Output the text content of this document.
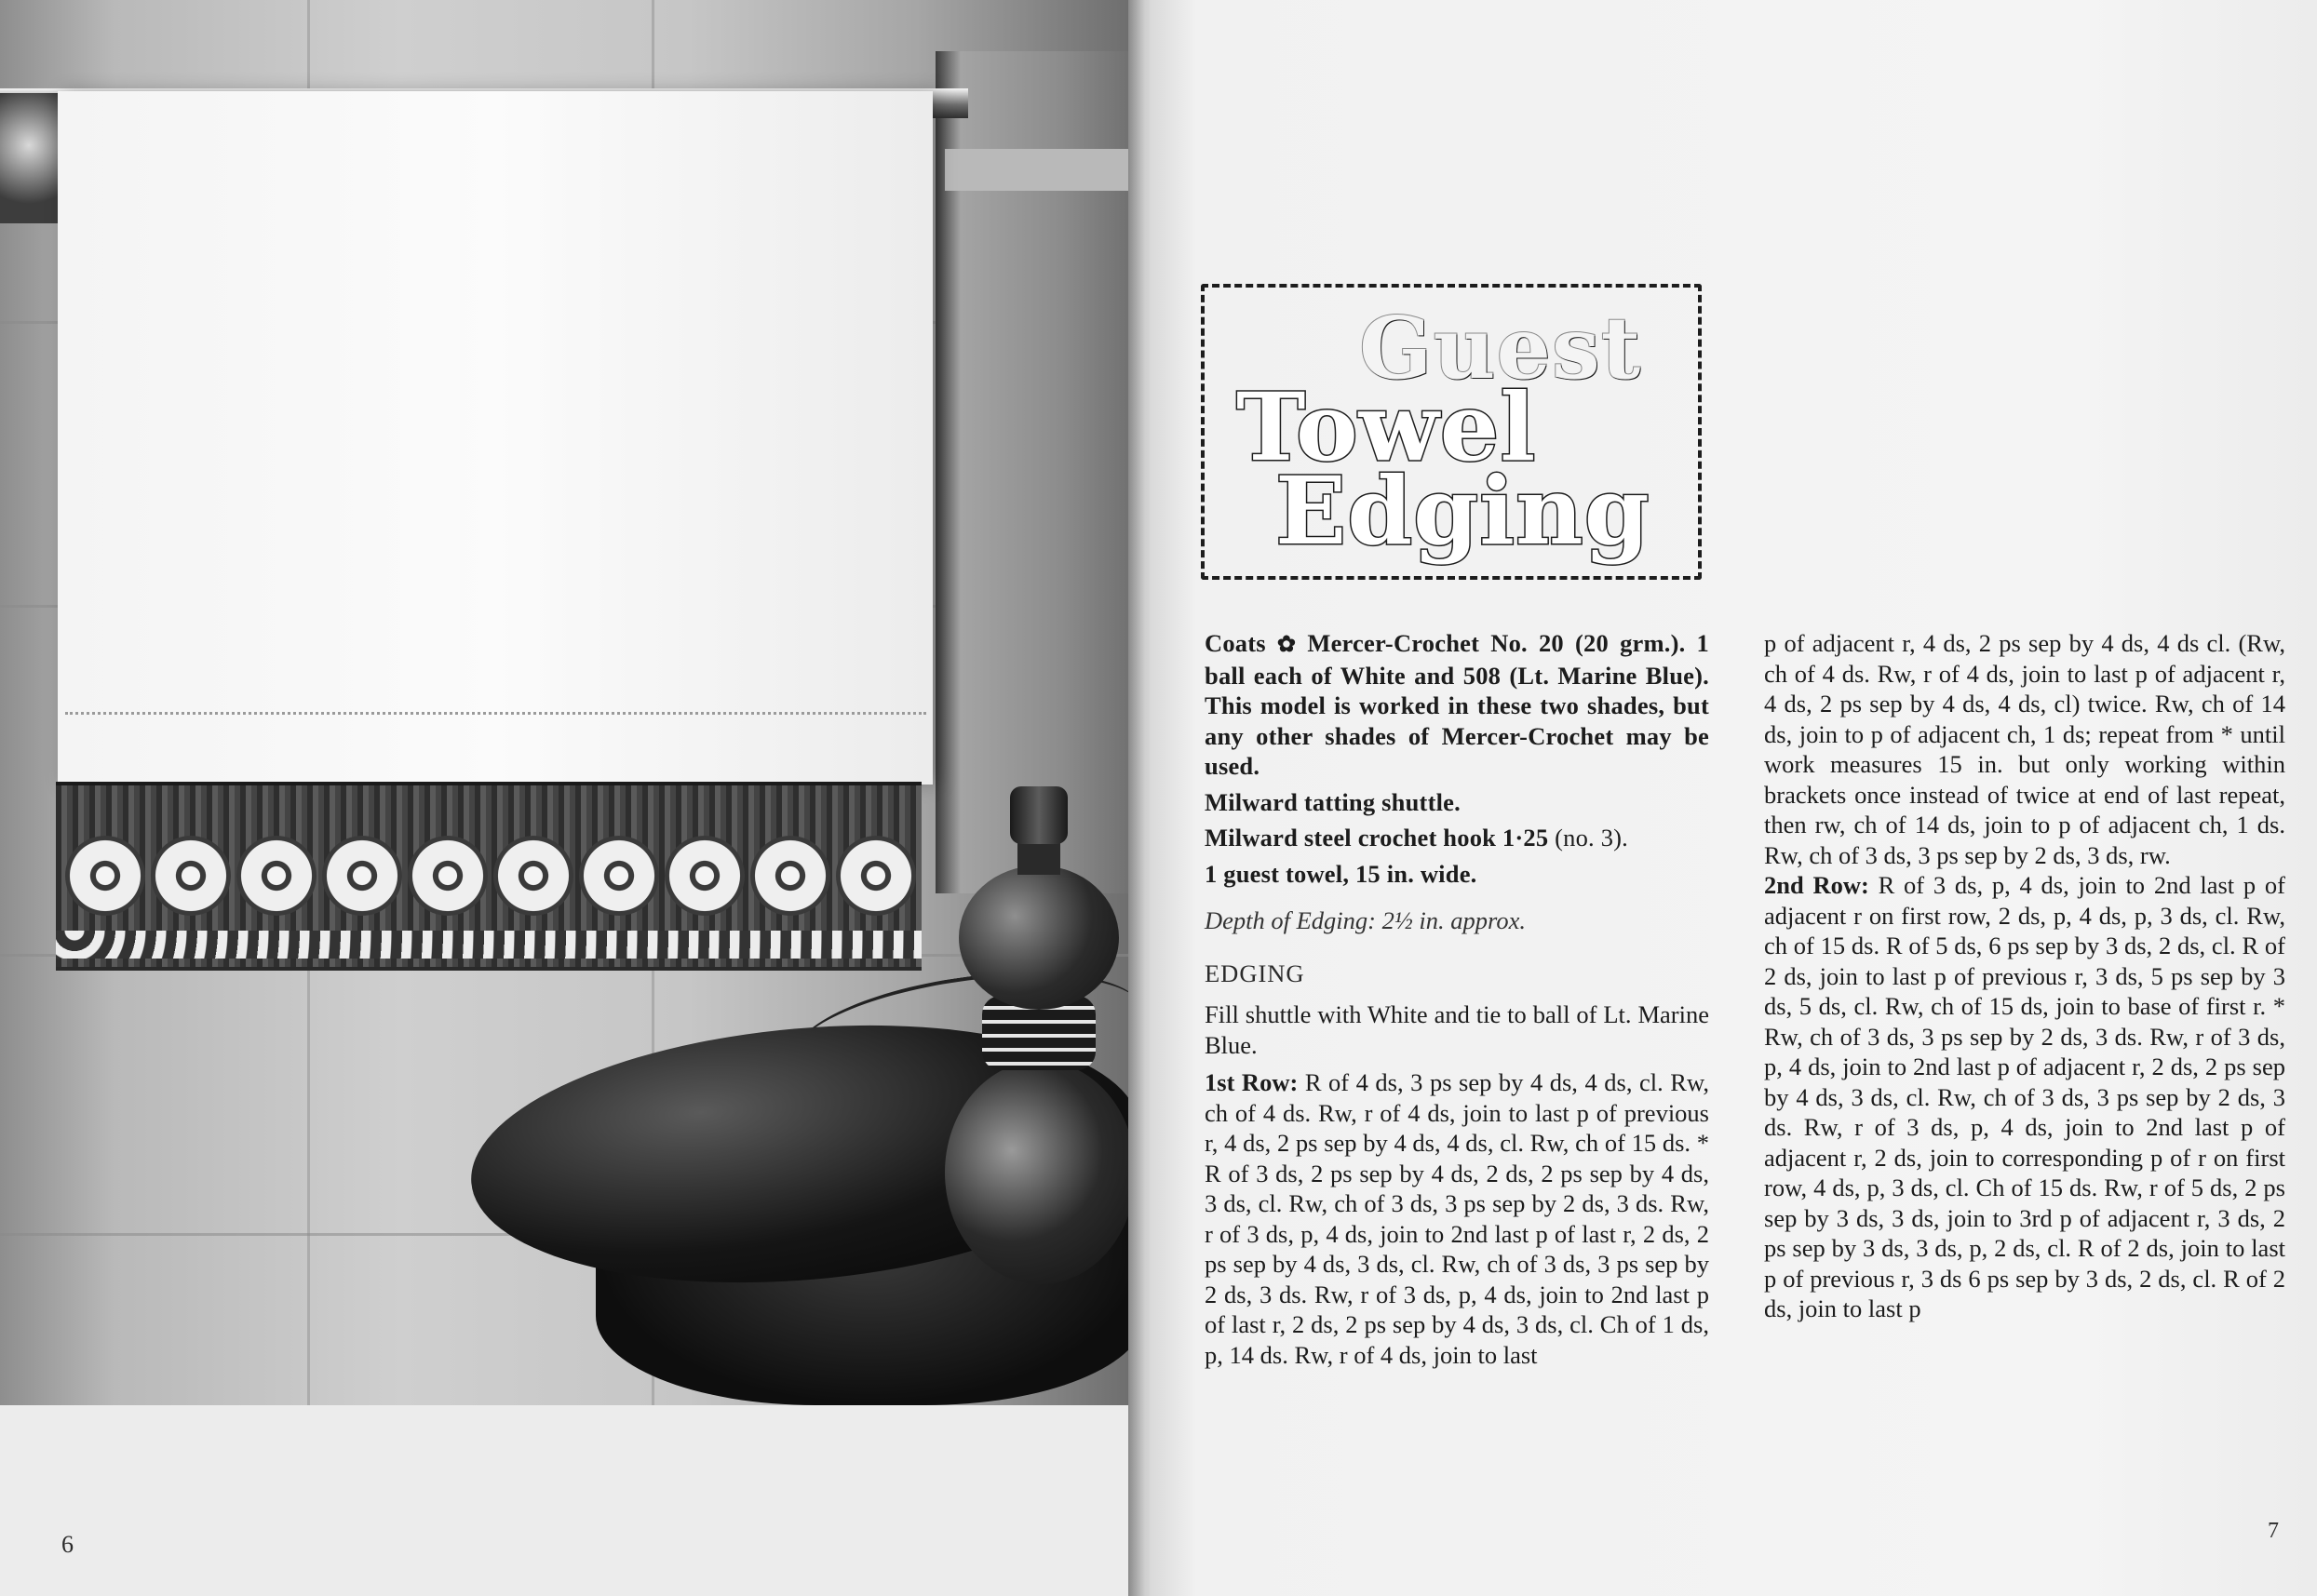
6
Guest
Towel
Edging

Coats ✿ Mercer-Crochet No. 20 (20 grm.). 1 ball each of White and 508 (Lt. Marine Blue). This model is worked in these two shades, but any other shades of Mercer-Crochet may be used.

Milward tatting shuttle.

Milward steel crochet hook 1·25 (no. 3).

1 guest towel, 15 in. wide.

Depth of Edging: 2½ in. approx.

EDGING

Fill shuttle with White and tie to ball of Lt. Marine Blue.

1st Row: R of 4 ds, 3 ps sep by 4 ds, 4 ds, cl. Rw, ch of 4 ds. Rw, r of 4 ds, join to last p of previous r, 4 ds, 2 ps sep by 4 ds, 4 ds, cl. Rw, ch of 15 ds. * R of 3 ds, 2 ps sep by 4 ds, 2 ds, 2 ps sep by 4 ds, 3 ds, cl. Rw, ch of 3 ds, 3 ps sep by 2 ds, 3 ds. Rw, r of 3 ds, p, 4 ds, join to 2nd last p of last r, 2 ds, 2 ps sep by 4 ds, 3 ds, cl. Rw, ch of 3 ds, 3 ps sep by 2 ds, 3 ds. Rw, r of 3 ds, p, 4 ds, join to 2nd last p of last r, 2 ds, 2 ps sep by 4 ds, 3 ds, cl. Ch of 1 ds, p, 14 ds. Rw, r of 4 ds, join to last

p of adjacent r, 4 ds, 2 ps sep by 4 ds, 4 ds cl. (Rw, ch of 4 ds. Rw, r of 4 ds, join to last p of adjacent r, 4 ds, 2 ps sep by 4 ds, 4 ds, cl) twice. Rw, ch of 14 ds, join to p of adjacent ch, 1 ds; repeat from * until work measures 15 in. but only working within brackets once instead of twice at end of last repeat, then rw, ch of 14 ds, join to p of adjacent ch, 1 ds. Rw, ch of 3 ds, 3 ps sep by 2 ds, 3 ds, rw.

2nd Row: R of 3 ds, p, 4 ds, join to 2nd last p of adjacent r on first row, 2 ds, p, 4 ds, p, 3 ds, cl. Rw, ch of 15 ds. R of 5 ds, 6 ps sep by 3 ds, 2 ds, cl. R of 2 ds, join to last p of previous r, 3 ds, 5 ps sep by 3 ds, 5 ds, cl. Rw, ch of 15 ds, join to base of first r. * Rw, ch of 3 ds, 3 ps sep by 2 ds, 3 ds. Rw, r of 3 ds, p, 4 ds, join to 2nd last p of adjacent r, 2 ds, 2 ps sep by 4 ds, 3 ds, cl. Rw, ch of 3 ds, 3 ps sep by 2 ds, 3 ds. Rw, r of 3 ds, p, 4 ds, join to 2nd last p of adjacent r, 2 ds, join to corresponding p of r on first row, 4 ds, p, 3 ds, cl. Ch of 15 ds. Rw, r of 5 ds, 2 ps sep by 3 ds, 3 ds, join to 3rd p of adjacent r, 3 ds, 2 ps sep by 3 ds, 3 ds, p, 2 ds, cl. R of 2 ds, join to last p of previous r, 3 ds 6 ps sep by 3 ds, 2 ds, cl. R of 2 ds, join to last p

7
